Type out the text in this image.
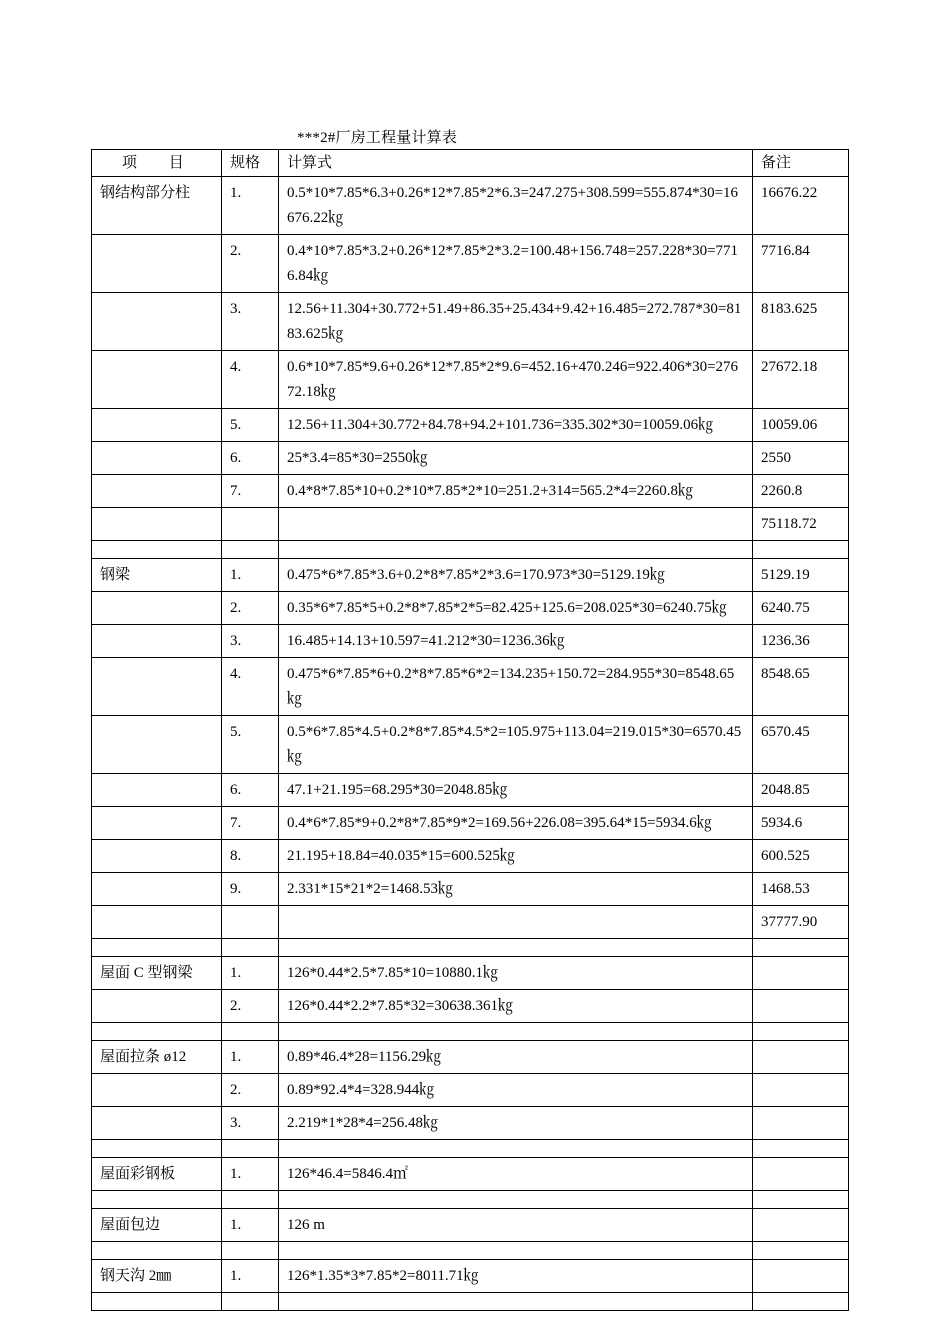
***2#厂房工程量计算表
项 目	规格	计算式	备注
钢结构部分柱	1.	0.5*10*7.85*6.3+0.26*12*7.85*2*6.3=247.275+308.599=555.874*30=16676.22㎏	16676.22
	2.	0.4*10*7.85*3.2+0.26*12*7.85*2*3.2=100.48+156.748=257.228*30=7716.84㎏	7716.84
	3.	12.56+11.304+30.772+51.49+86.35+25.434+9.42+16.485=272.787*30=8183.625㎏	8183.625
	4.	0.6*10*7.85*9.6+0.26*12*7.85*2*9.6=452.16+470.246=922.406*30=27672.18㎏	27672.18
	5.	12.56+11.304+30.772+84.78+94.2+101.736=335.302*30=10059.06㎏	10059.06
	6.	25*3.4=85*30=2550㎏	2550
	7.	0.4*8*7.85*10+0.2*10*7.85*2*10=251.2+314=565.2*4=2260.8㎏	2260.8
			75118.72

钢梁	1.	0.475*6*7.85*3.6+0.2*8*7.85*2*3.6=170.973*30=5129.19㎏	5129.19
	2.	0.35*6*7.85*5+0.2*8*7.85*2*5=82.425+125.6=208.025*30=6240.75㎏	6240.75
	3.	16.485+14.13+10.597=41.212*30=1236.36㎏	1236.36
	4.	0.475*6*7.85*6+0.2*8*7.85*6*2=134.235+150.72=284.955*30=8548.65㎏	8548.65
	5.	0.5*6*7.85*4.5+0.2*8*7.85*4.5*2=105.975+113.04=219.015*30=6570.45㎏	6570.45
	6.	47.1+21.195=68.295*30=2048.85㎏	2048.85
	7.	0.4*6*7.85*9+0.2*8*7.85*9*2=169.56+226.08=395.64*15=5934.6㎏	5934.6
	8.	21.195+18.84=40.035*15=600.525㎏	600.525
	9.	2.331*15*21*2=1468.53㎏	1468.53
			37777.90

屋面 C 型钢梁	1.	126*0.44*2.5*7.85*10=10880.1㎏	
	2.	126*0.44*2.2*7.85*32=30638.361㎏	

屋面拉条 ø12	1.	0.89*46.4*28=1156.29㎏	
	2.	0.89*92.4*4=328.944㎏	
	3.	2.219*1*28*4=256.48㎏	

屋面彩钢板	1.	126*46.4=5846.4㎡	

屋面包边	1.	126 m	

钢天沟 2㎜	1.	126*1.35*3*7.85*2=8011.71㎏	
